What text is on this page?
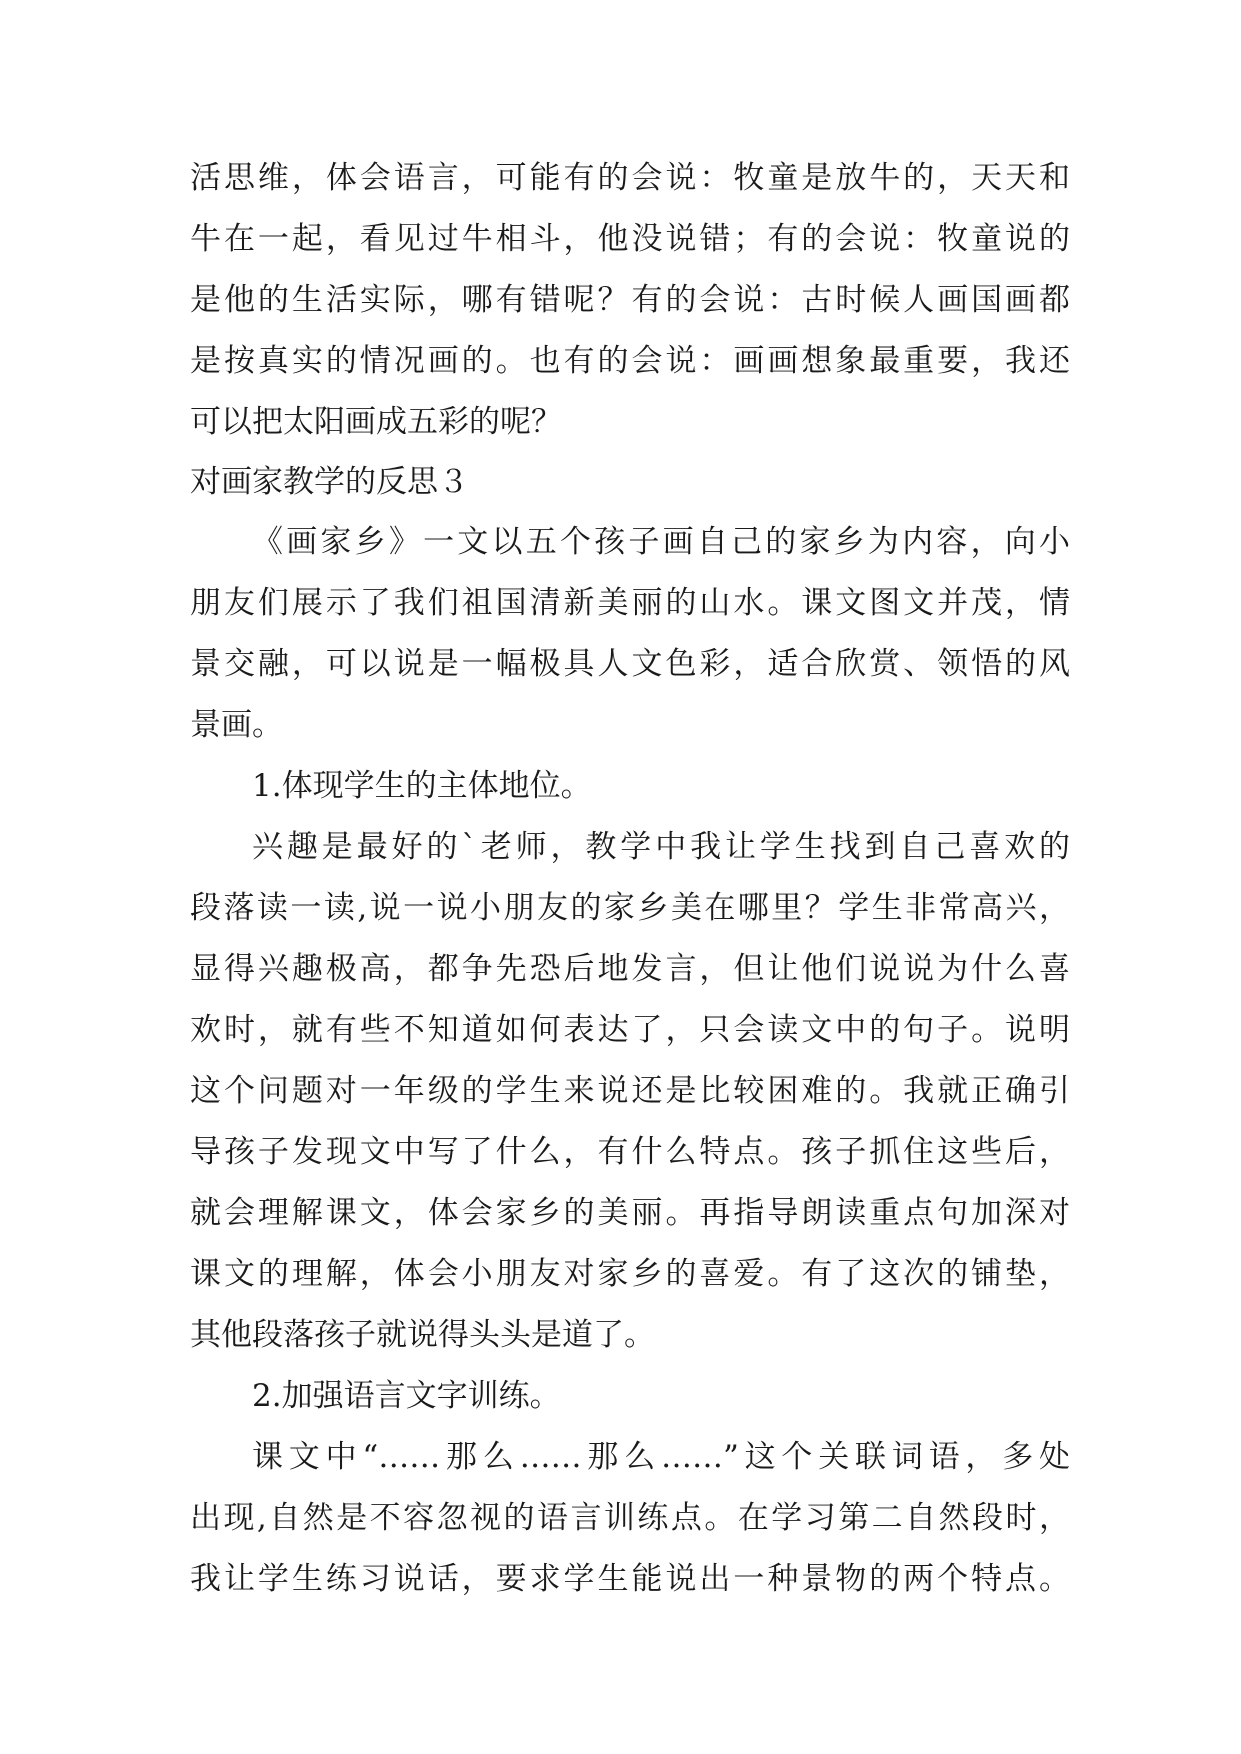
活思维，体会语言，可能有的会说：牧童是放牛的，天天和
牛在一起，看见过牛相斗，他没说错；有的会说：牧童说的
是他的生活实际，哪有错呢？有的会说：古时候人画国画都
是按真实的情况画的。也有的会说：画画想象最重要，我还
可以把太阳画成五彩的呢？
对画家教学的反思３
《画家乡》一文以五个孩子画自己的家乡为内容，向小
朋友们展示了我们祖国清新美丽的山水。课文图文并茂，情
景交融，可以说是一幅极具人文色彩，适合欣赏、领悟的风
景画。
1.体现学生的主体地位。
兴趣是最好的`老师，教学中我让学生找到自己喜欢的
段落读一读,说一说小朋友的家乡美在哪里？学生非常高兴，
显得兴趣极高，都争先恐后地发言，但让他们说说为什么喜
欢时，就有些不知道如何表达了，只会读文中的句子。说明
这个问题对一年级的学生来说还是比较困难的。我就正确引
导孩子发现文中写了什么，有什么特点。孩子抓住这些后，
就会理解课文，体会家乡的美丽。再指导朗读重点句加深对
课文的理解，体会小朋友对家乡的喜爱。有了这次的铺垫，
其他段落孩子就说得头头是道了。
2.加强语言文字训练。
课文中“……那么……那么……”这个关联词语，多处
出现,自然是不容忽视的语言训练点。在学习第二自然段时，
我让学生练习说话，要求学生能说出一种景物的两个特点。
